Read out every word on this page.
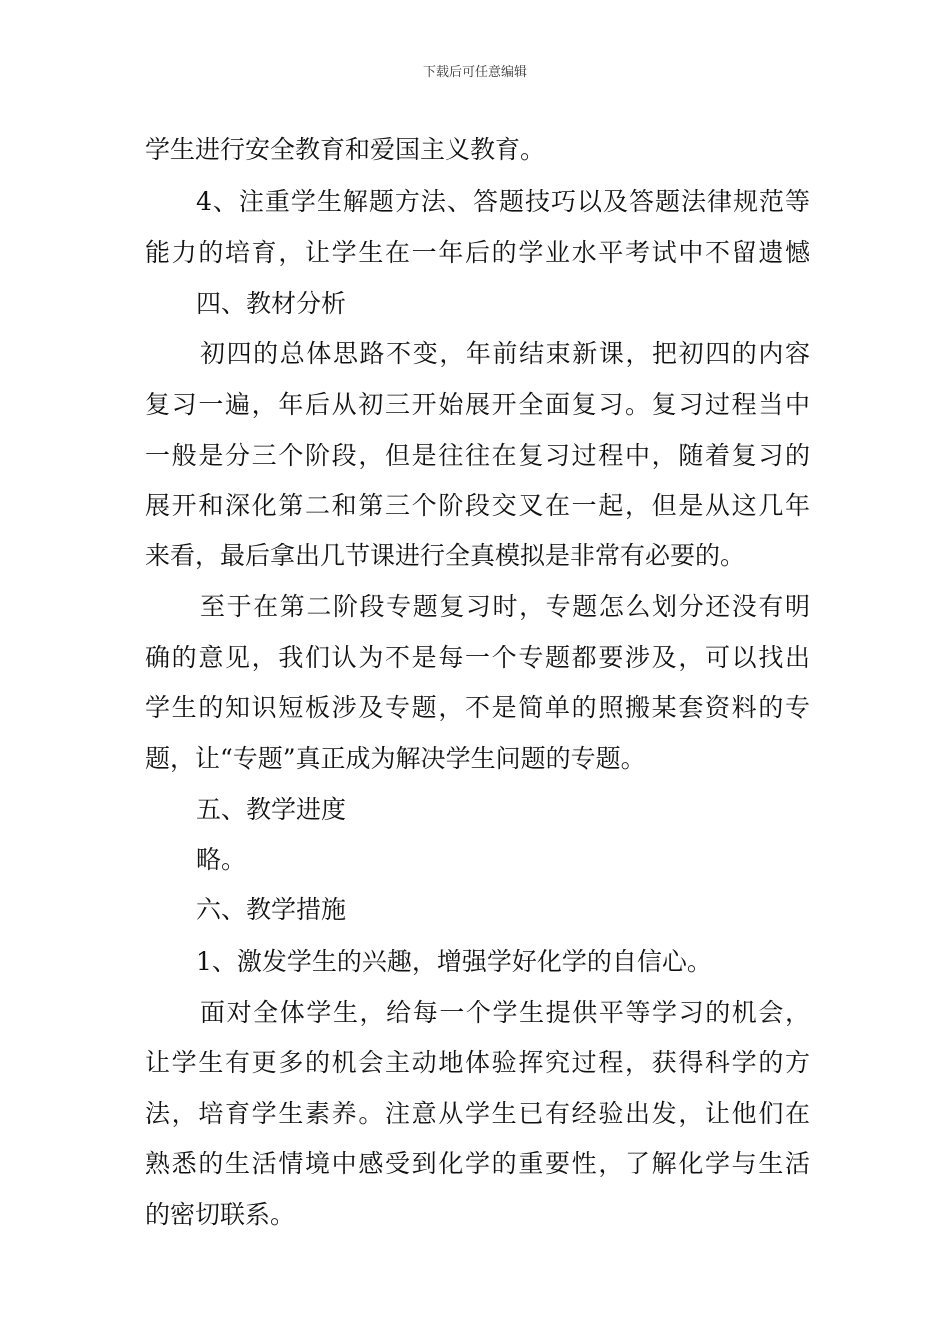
下载后可任意编辑
学生进行安全教育和爱国主义教育。
4、注重学生解题方法、答题技巧以及答题法律规范等
能力的培育，让学生在一年后的学业水平考试中不留遗憾
四、教材分析
初四的总体思路不变，年前结束新课，把初四的内容
复习一遍，年后从初三开始展开全面复习。复习过程当中
一般是分三个阶段，但是往往在复习过程中，随着复习的
展开和深化第二和第三个阶段交叉在一起，但是从这几年
来看，最后拿出几节课进行全真模拟是非常有必要的。
至于在第二阶段专题复习时，专题怎么划分还没有明
确的意见，我们认为不是每一个专题都要涉及，可以找出
学生的知识短板涉及专题，不是简单的照搬某套资料的专
题，让“专题”真正成为解决学生问题的专题。
五、教学进度
略。
六、教学措施
1、激发学生的兴趣，增强学好化学的自信心。
面对全体学生，给每一个学生提供平等学习的机会，
让学生有更多的机会主动地体验挥究过程，获得科学的方
法，培育学生素养。注意从学生已有经验出发，让他们在
熟悉的生活情境中感受到化学的重要性，了解化学与生活
的密切联系。
